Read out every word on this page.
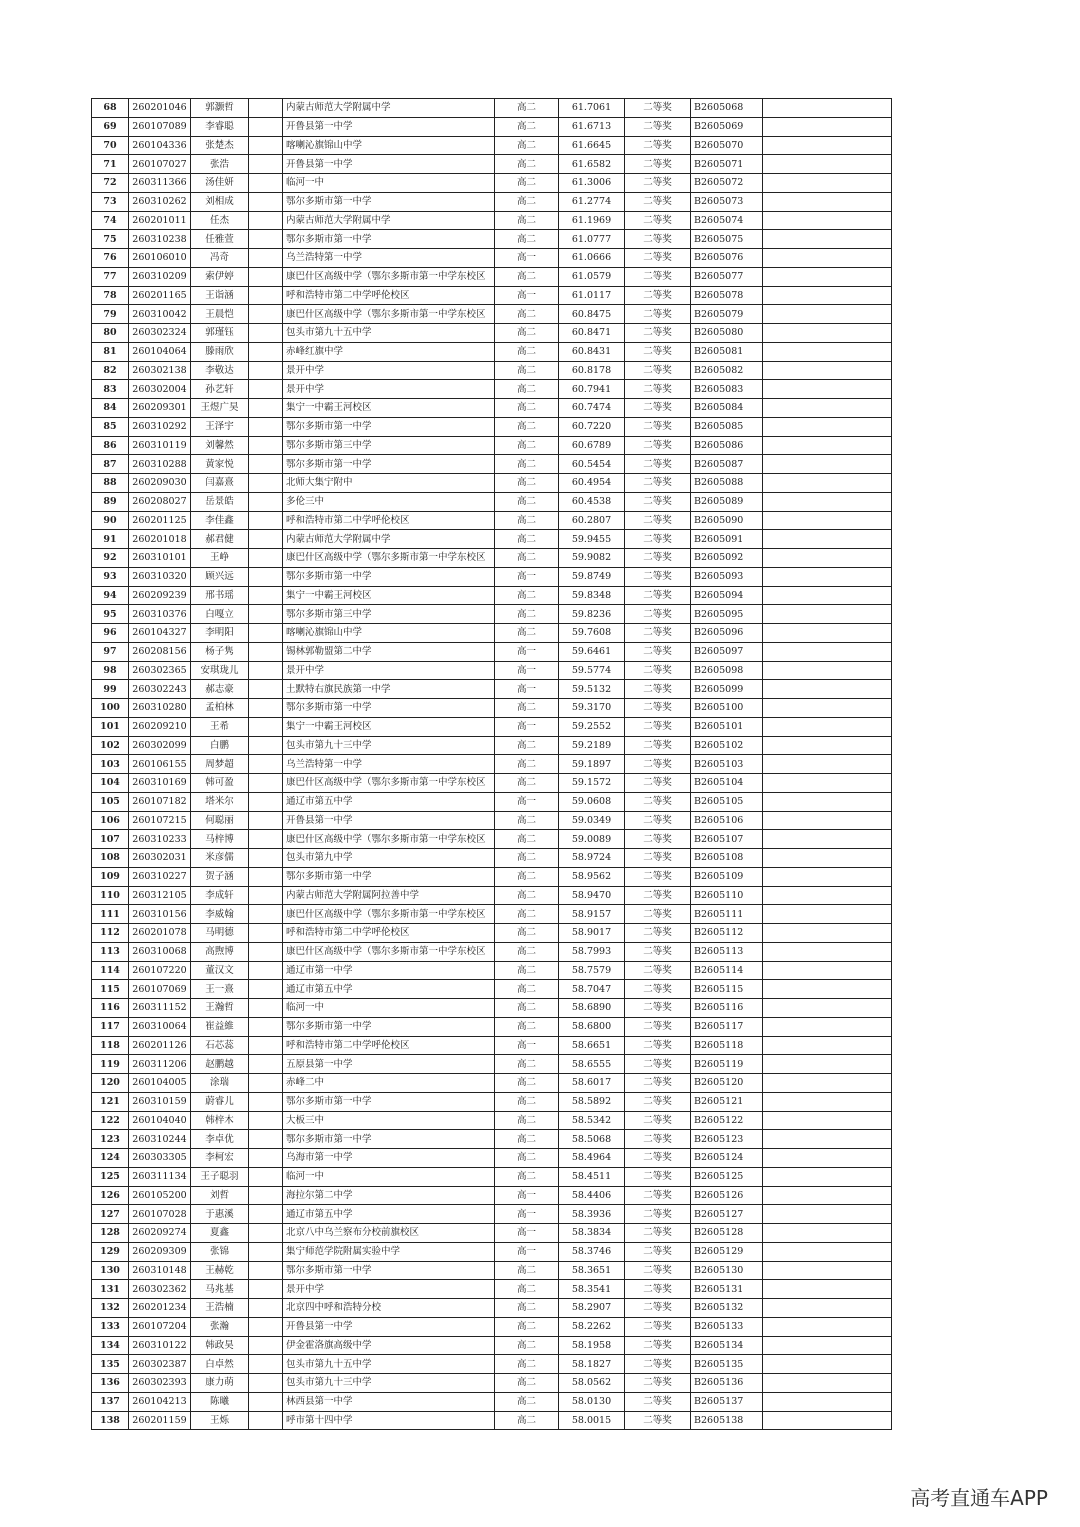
68	260201046	郭灏哲		内蒙古师范大学附属中学	高二	61.7061	二等奖	B2605068	
69	260107089	李睿聪		开鲁县第一中学	高二	61.6713	二等奖	B2605069	
70	260104336	张楚杰		喀喇沁旗锦山中学	高二	61.6645	二等奖	B2605070	
71	260107027	张浩		开鲁县第一中学	高二	61.6582	二等奖	B2605071	
72	260311366	汤佳妍		临河一中	高二	61.3006	二等奖	B2605072	
73	260310262	刘相成		鄂尔多斯市第一中学	高二	61.2774	二等奖	B2605073	
74	260201011	任杰		内蒙古师范大学附属中学	高二	61.1969	二等奖	B2605074	
75	260310238	任雅萱		鄂尔多斯市第一中学	高二	61.0777	二等奖	B2605075	
76	260106010	冯奇		乌兰浩特第一中学	高一	61.0666	二等奖	B2605076	
77	260310209	索伊婷		康巴什区高级中学（鄂尔多斯市第一中学东校区	高二	61.0579	二等奖	B2605077	
78	260201165	王诣涵		呼和浩特市第二中学呼伦校区	高一	61.0117	二等奖	B2605078	
79	260310042	王晨恺		康巴什区高级中学（鄂尔多斯市第一中学东校区	高二	60.8475	二等奖	B2605079	
80	260302324	郭瑾钰		包头市第九十五中学	高二	60.8471	二等奖	B2605080	
81	260104064	滕雨欣		赤峰红旗中学	高二	60.8431	二等奖	B2605081	
82	260302138	李敬达		景开中学	高二	60.8178	二等奖	B2605082	
83	260302004	孙艺轩		景开中学	高二	60.7941	二等奖	B2605083	
84	260209301	王煜广昊		集宁一中霸王河校区	高二	60.7474	二等奖	B2605084	
85	260310292	王泽宇		鄂尔多斯市第一中学	高二	60.7220	二等奖	B2605085	
86	260310119	刘馨然		鄂尔多斯市第三中学	高二	60.6789	二等奖	B2605086	
87	260310288	黄家悦		鄂尔多斯市第一中学	高二	60.5454	二等奖	B2605087	
88	260209030	闫嘉熹		北师大集宁附中	高二	60.4954	二等奖	B2605088	
89	260208027	岳景皓		多伦三中	高二	60.4538	二等奖	B2605089	
90	260201125	李佳鑫		呼和浩特市第二中学呼伦校区	高二	60.2807	二等奖	B2605090	
91	260201018	郝君健		内蒙古师范大学附属中学	高二	59.9455	二等奖	B2605091	
92	260310101	王峥		康巴什区高级中学（鄂尔多斯市第一中学东校区	高二	59.9082	二等奖	B2605092	
93	260310320	顾兴远		鄂尔多斯市第一中学	高一	59.8749	二等奖	B2605093	
94	260209239	邢书瑶		集宁一中霸王河校区	高二	59.8348	二等奖	B2605094	
95	260310376	白嘎立		鄂尔多斯市第三中学	高二	59.8236	二等奖	B2605095	
96	260104327	李明阳		喀喇沁旗锦山中学	高二	59.7608	二等奖	B2605096	
97	260208156	杨子隽		锡林郭勒盟第二中学	高一	59.6461	二等奖	B2605097	
98	260302365	安琪珑儿		景开中学	高一	59.5774	二等奖	B2605098	
99	260302243	郝志豪		土默特右旗民族第一中学	高一	59.5132	二等奖	B2605099	
100	260310280	孟柏林		鄂尔多斯市第一中学	高二	59.3170	二等奖	B2605100	
101	260209210	王希		集宁一中霸王河校区	高一	59.2552	二等奖	B2605101	
102	260302099	白鹏		包头市第九十三中学	高二	59.2189	二等奖	B2605102	
103	260106155	周梦超		乌兰浩特第一中学	高二	59.1897	二等奖	B2605103	
104	260310169	韩可盈		康巴什区高级中学（鄂尔多斯市第一中学东校区	高二	59.1572	二等奖	B2605104	
105	260107182	塔米尔		通辽市第五中学	高一	59.0608	二等奖	B2605105	
106	260107215	何聪丽		开鲁县第一中学	高二	59.0349	二等奖	B2605106	
107	260310233	马梓博		康巴什区高级中学（鄂尔多斯市第一中学东校区	高二	59.0089	二等奖	B2605107	
108	260302031	米彦儒		包头市第九中学	高二	58.9724	二等奖	B2605108	
109	260310227	贺子涵		鄂尔多斯市第一中学	高二	58.9562	二等奖	B2605109	
110	260312105	李成轩		内蒙古师范大学附属阿拉善中学	高二	58.9470	二等奖	B2605110	
111	260310156	李威翰		康巴什区高级中学（鄂尔多斯市第一中学东校区	高二	58.9157	二等奖	B2605111	
112	260201078	马明德		呼和浩特市第二中学呼伦校区	高二	58.9017	二等奖	B2605112	
113	260310068	高煦博		康巴什区高级中学（鄂尔多斯市第一中学东校区	高二	58.7993	二等奖	B2605113	
114	260107220	董汉文		通辽市第一中学	高二	58.7579	二等奖	B2605114	
115	260107069	王一熹		通辽市第五中学	高二	58.7047	二等奖	B2605115	
116	260311152	王瀚哲		临河一中	高二	58.6890	二等奖	B2605116	
117	260310064	崔益維		鄂尔多斯市第一中学	高二	58.6800	二等奖	B2605117	
118	260201126	石芯蕊		呼和浩特市第二中学呼伦校区	高一	58.6651	二等奖	B2605118	
119	260311206	赵鹏越		五原县第一中学	高二	58.6555	二等奖	B2605119	
120	260104005	涂瑞		赤峰二中	高二	58.6017	二等奖	B2605120	
121	260310159	蔚睿儿		鄂尔多斯市第一中学	高二	58.5892	二等奖	B2605121	
122	260104040	韩梓木		大板三中	高二	58.5342	二等奖	B2605122	
123	260310244	李卓优		鄂尔多斯市第一中学	高二	58.5068	二等奖	B2605123	
124	260303305	李柯宏		乌海市第一中学	高二	58.4964	二等奖	B2605124	
125	260311134	王子聪羽		临河一中	高二	58.4511	二等奖	B2605125	
126	260105200	刘哲		海拉尔第二中学	高一	58.4406	二等奖	B2605126	
127	260107028	于惠溪		通辽市第五中学	高一	58.3936	二等奖	B2605127	
128	260209274	夏鑫		北京八中乌兰察布分校前旗校区	高一	58.3834	二等奖	B2605128	
129	260209309	张锦		集宁师范学院附属实验中学	高一	58.3746	二等奖	B2605129	
130	260310148	王赫乾		鄂尔多斯市第一中学	高二	58.3651	二等奖	B2605130	
131	260302362	马兆基		景开中学	高二	58.3541	二等奖	B2605131	
132	260201234	王浩楠		北京四中呼和浩特分校	高二	58.2907	二等奖	B2605132	
133	260107204	张瀚		开鲁县第一中学	高二	58.2262	二等奖	B2605133	
134	260310122	韩政昊		伊金霍洛旗高级中学	高二	58.1958	二等奖	B2605134	
135	260302387	白卓然		包头市第九十五中学	高二	58.1827	二等奖	B2605135	
136	260302393	康力萌		包头市第九十三中学	高二	58.0562	二等奖	B2605136	
137	260104213	陈曦		林西县第一中学	高二	58.0130	二等奖	B2605137	
138	260201159	王烁		呼市第十四中学	高二	58.0015	二等奖	B2605138	
高考直通车APP
